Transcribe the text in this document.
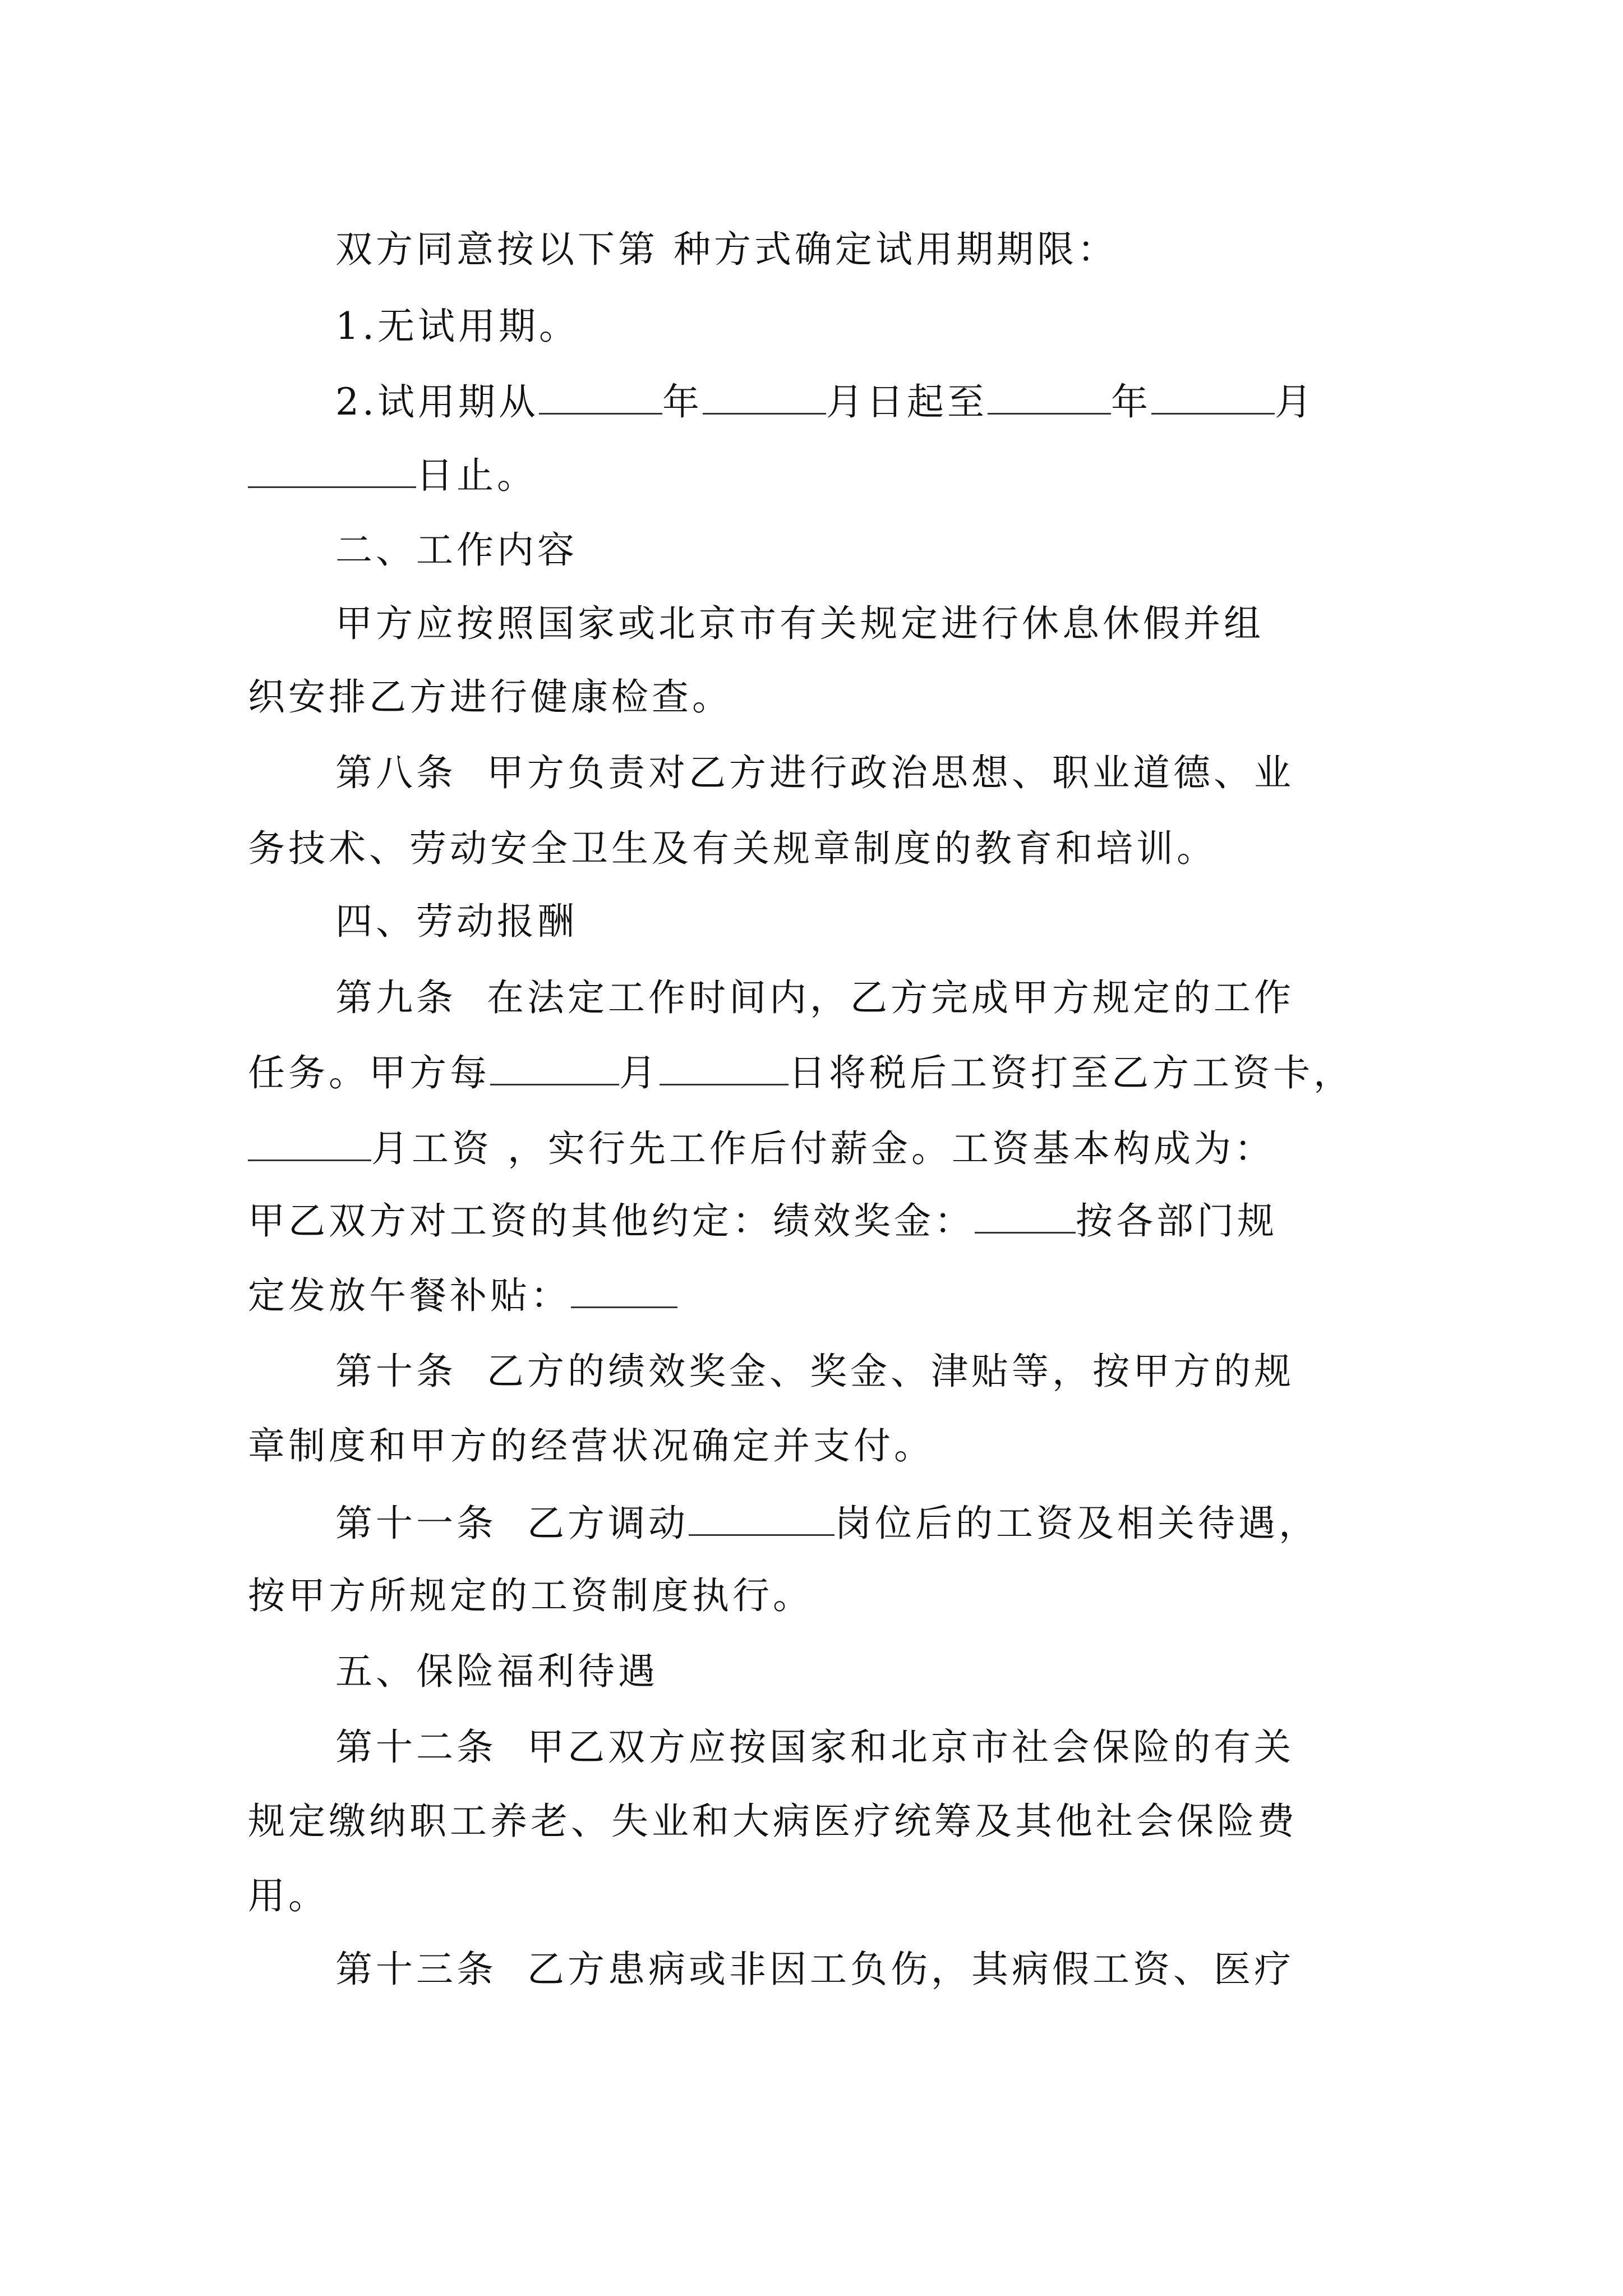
双方同意按以下第 种方式确定试用期期限：
1.无试用期。
2.试用期从	年	月日起至	年	月
日止。
二、工作内容
甲方应按照国家或北京市有关规定进行休息休假并组
织安排乙方进行健康检查。
第八条  甲方负责对乙方进行政治思想、职业道德、业
务技术、劳动安全卫生及有关规章制度的教育和培训。
四、劳动报酬
第九条  在法定工作时间内，乙方完成甲方规定的工作
任务。甲方每	月	日将税后工资打至乙方工资卡，
月工资 ，实行先工作后付薪金。工资基本构成为：
甲乙双方对工资的其他约定：绩效奖金：	按各部门规
定发放午餐补贴：
第十条  乙方的绩效奖金、奖金、津贴等，按甲方的规
章制度和甲方的经营状况确定并支付。
第十一条  乙方调动	岗位后的工资及相关待遇，
按甲方所规定的工资制度执行。
五、保险福利待遇
第十二条  甲乙双方应按国家和北京市社会保险的有关
规定缴纳职工养老、失业和大病医疗统筹及其他社会保险费
用。
第十三条  乙方患病或非因工负伤，其病假工资、医疗
